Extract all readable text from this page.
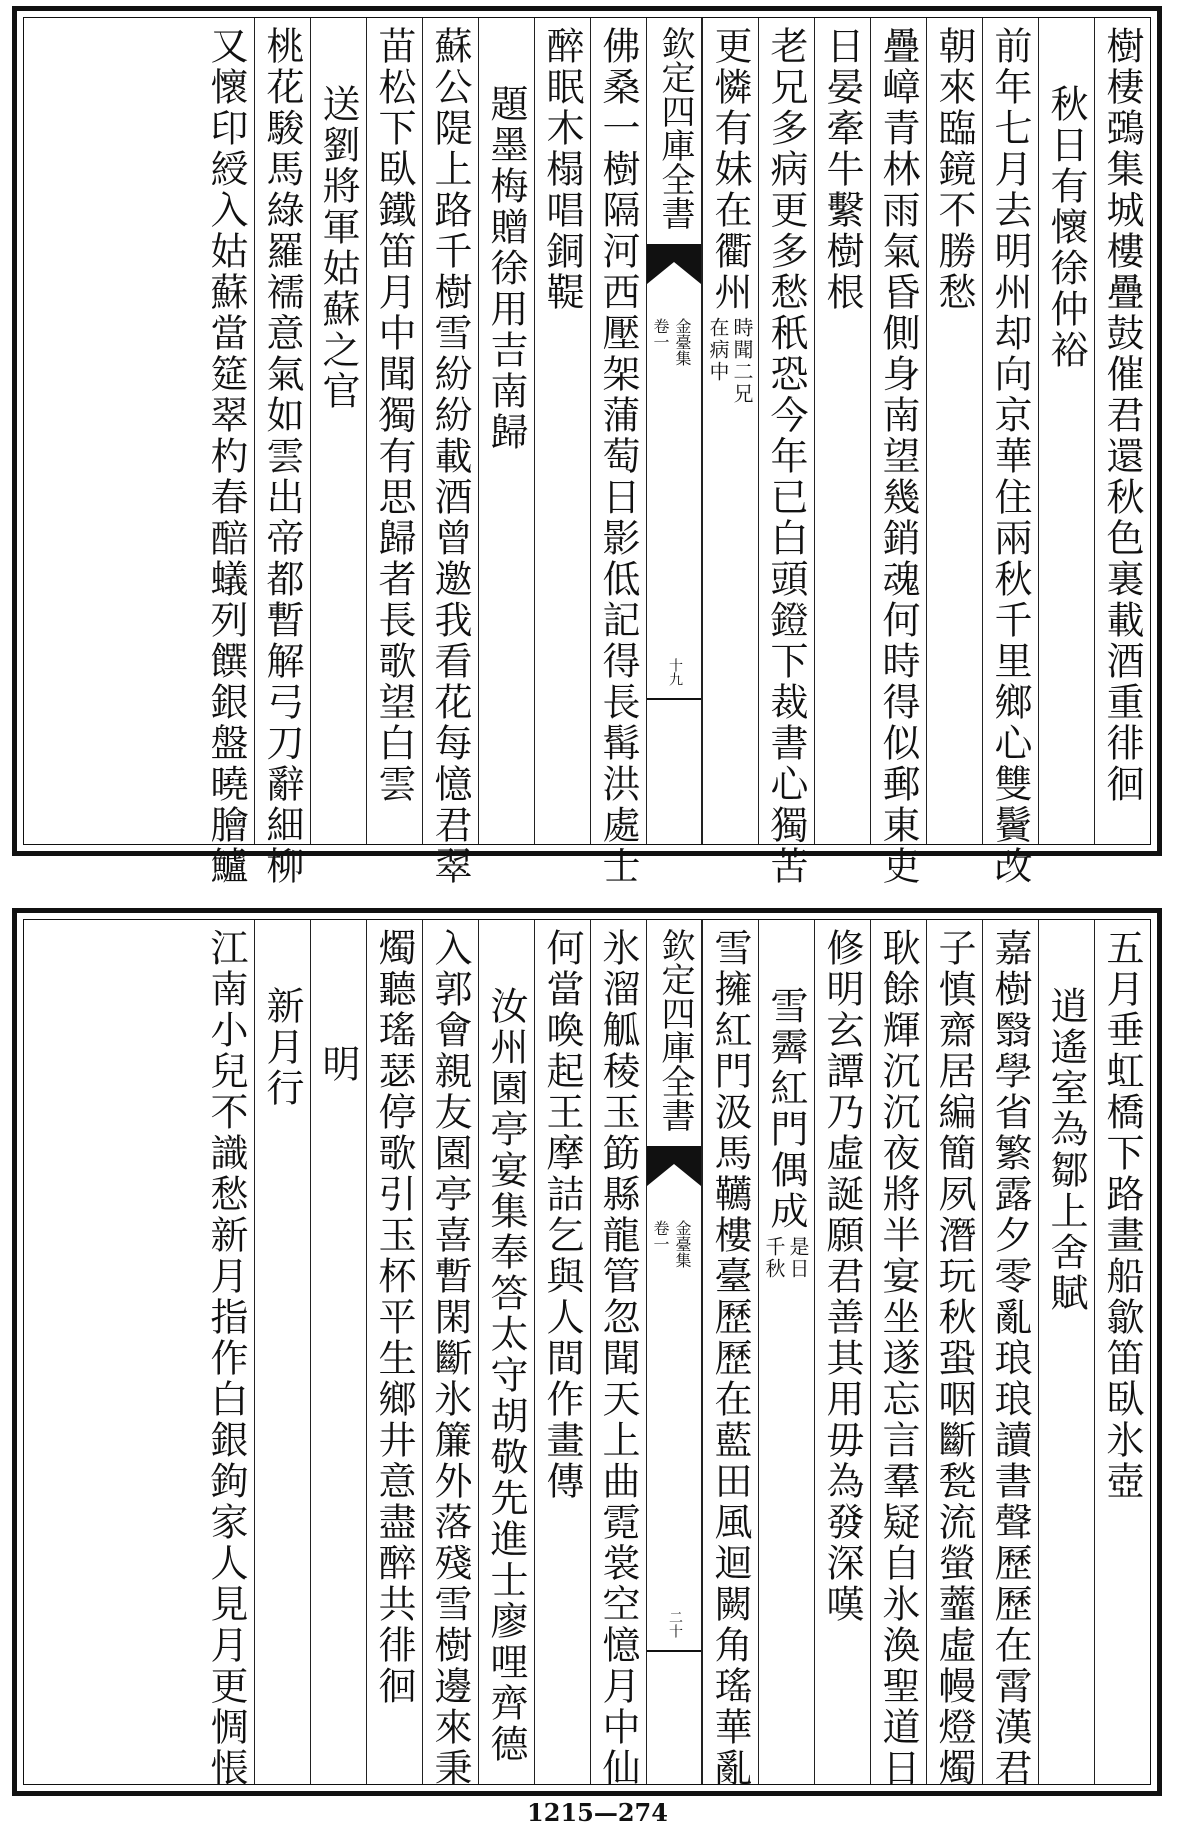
樹棲鵶集城樓疊鼓催君還秋色裏載酒重徘徊
秋日有懷徐仲裕
前年七月去明州却向京華住兩秋千里鄉心雙鬢改
朝來臨鏡不勝愁
疊嶂青林雨氣昏側身南望幾銷魂何時得似郵東吏
日晏牽牛繫樹根
老兄多病更多愁秖恐今年已白頭鐙下裁書心獨苦
更憐有妹在衢州
時聞二兄
在病中
欽定四庫全書
金臺集
卷一
十九
佛桑一樹隔河西壓架蒲萄日影低記得長髯洪處士
醉眠木榻唱銅鞮
題墨梅贈徐用吉南歸
蘇公隄上路千樹雪紛紛載酒曾邀我看花每憶君翠
苗松下臥鐵笛月中聞獨有思歸者長歌望白雲
送劉將軍姑蘇之官
桃花駿馬綠羅襦意氣如雲出帝都暫解弓刀辭細柳
又懷印綬入姑蘇當筵翠杓春醅蟻列饌銀盤曉膾鱸
五月垂虹橋下路畫船歙笛臥氷壺
逍遙室為鄒上舍賦
嘉樹翳學省繁露夕零亂琅琅讀書聲歷歷在霄漢君
子慎齋居編簡夙潛玩秋蛩咽斷甃流螢虀虛幔燈燭
耿餘輝沉沉夜將半宴坐遂忘言羣疑自氷渙聖道日
修明玄譚乃虛誕願君善其用毋為發深嘆
雪霽紅門偶成
是日
千秋
雪擁紅門汲馬韉樓臺歷歷在藍田風迴闕角瑤華亂
欽定四庫全書
金臺集
卷一
二十
氷溜觚稜玉筯縣龍管忽聞天上曲霓裳空憶月中仙
何當喚起王摩詰乞與人間作畫傳
汝州園亭宴集奉答太守胡敬先進士廖哩齊德
入郭會親友園亭喜暫閑斷氷簾外落殘雪樹邊來秉
燭聽瑤瑟停歌引玉杯平生鄉井意盡醉共徘徊
明
新月行
江南小兒不識愁新月指作白銀鉤家人見月更惆悵
1215—274
